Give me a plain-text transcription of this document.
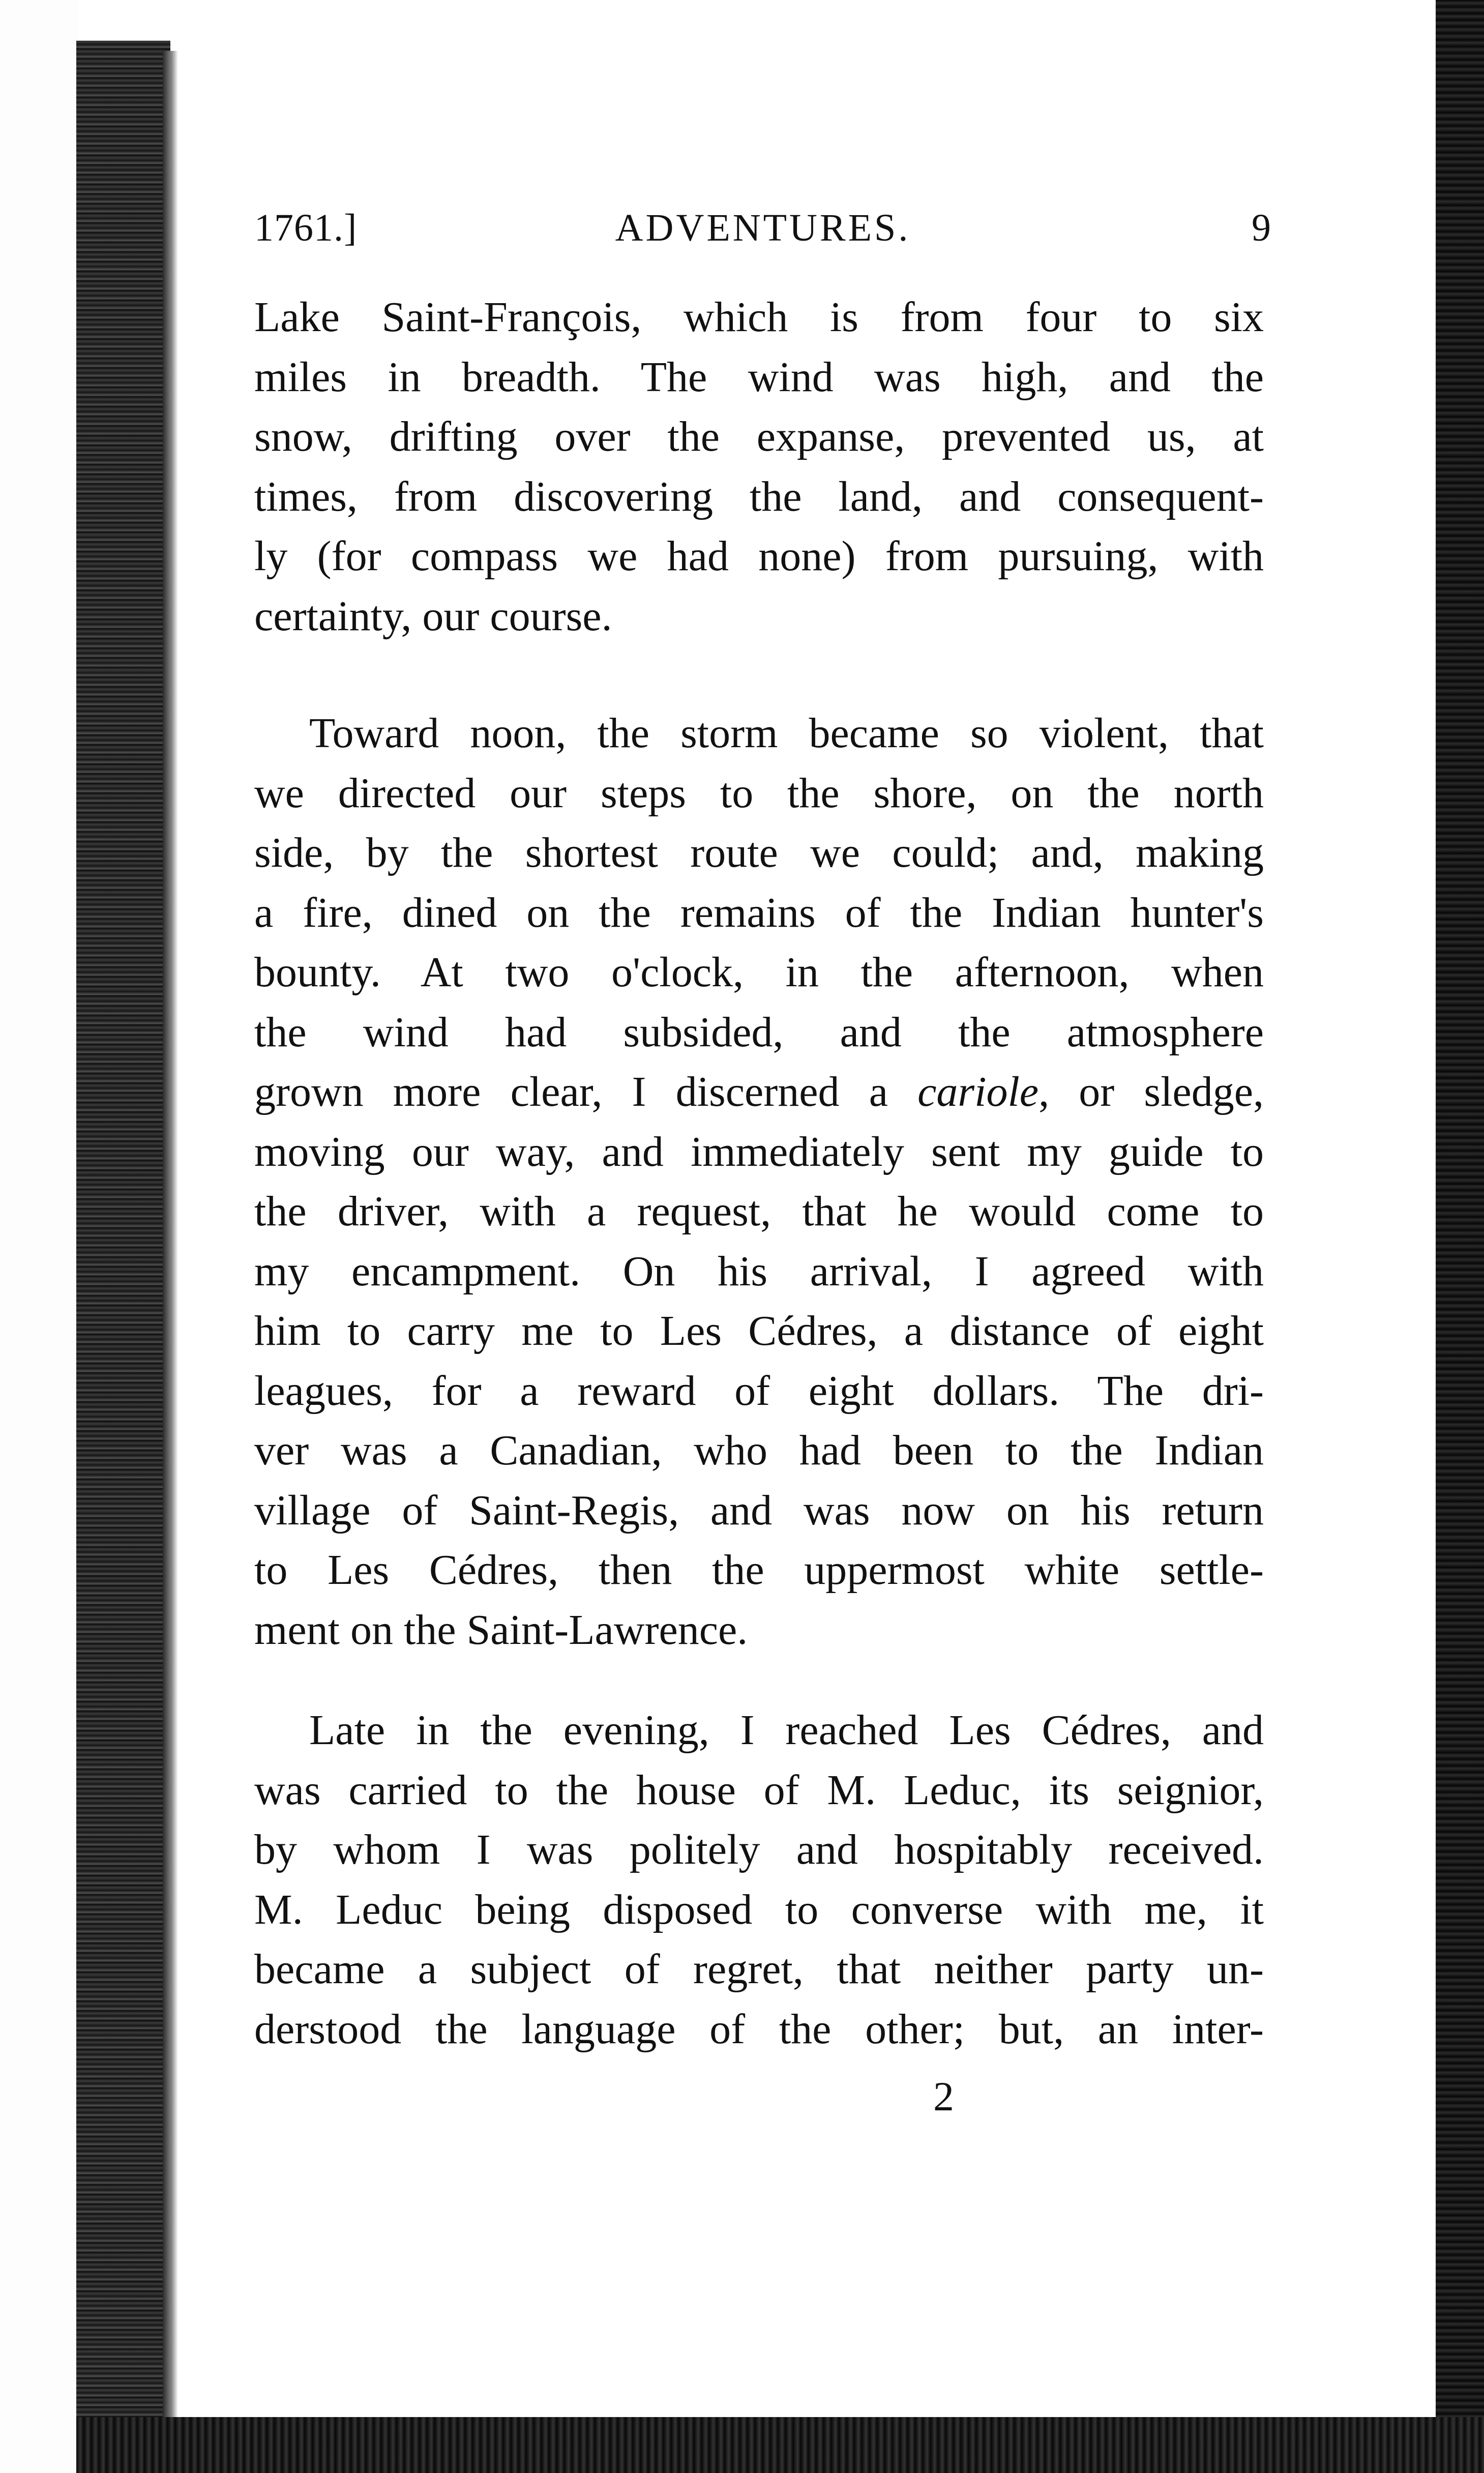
1761.]	ADVENTURES.	9
Lake Saint-François, which is from four to six
miles in breadth. The wind was high, and the
snow, drifting over the expanse, prevented us, at
times, from discovering the land, and consequent-
ly (for compass we had none) from pursuing, with
certainty, our course.
Toward noon, the storm became so violent, that
we directed our steps to the shore, on the north
side, by the shortest route we could; and, making
a fire, dined on the remains of the Indian hunter's
bounty. At two o'clock, in the afternoon, when
the wind had subsided, and the atmosphere
grown more clear, I discerned a cariole, or sledge,
moving our way, and immediately sent my guide to
the driver, with a request, that he would come to
my encampment. On his arrival, I agreed with
him to carry me to Les Cédres, a distance of eight
leagues, for a reward of eight dollars. The dri-
ver was a Canadian, who had been to the Indian
village of Saint-Regis, and was now on his return
to Les Cédres, then the uppermost white settle-
ment on the Saint-Lawrence.
Late in the evening, I reached Les Cédres, and
was carried to the house of M. Leduc, its seignior,
by whom I was politely and hospitably received.
M. Leduc being disposed to converse with me, it
became a subject of regret, that neither party un-
derstood the language of the other; but, an inter-
2
